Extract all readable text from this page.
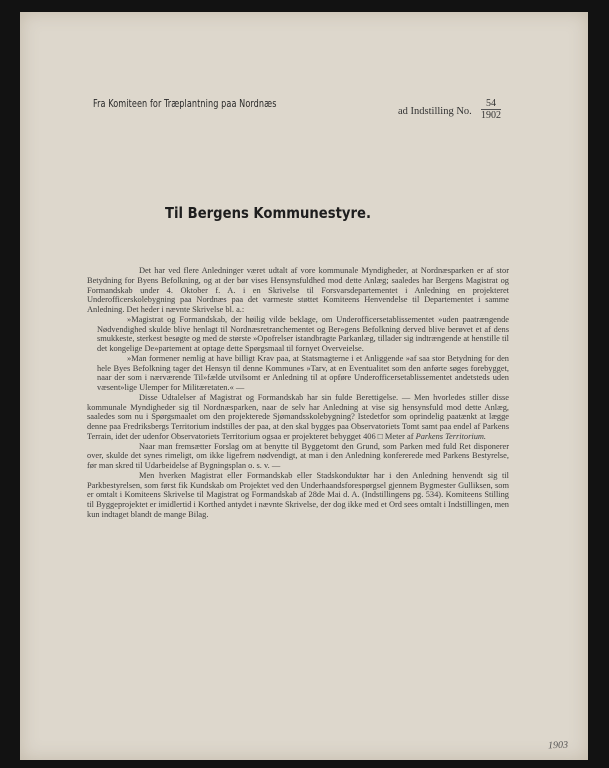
Fra Komiteen for Træplantning paa Nordnæs
ad Indstilling No.
54
1902
Til Bergens Kommunestyre.

Det har ved flere Anledninger været udtalt af vore kommunale Myndigheder, at Nordnæsparken er af stor Betydning for Byens Befolkning, og at der bør vises Hensynsfuldhed mod dette Anlæg; saaledes har Bergens Magistrat og Formandskab under 4. Oktober f. A. i en Skrivelse til Forsvarsdepartementet i Anledning en projekteret Underofficerskolebygning paa Nordnæs paa det varmeste støttet Komiteens Henvendelse til Departementet i samme Anledning. Det heder i nævnte Skrivelse bl. a.:

»Magistrat og Formandskab, der høilig vilde beklage, om Underofficersetablissementet »uden paatrængende Nødvendighed skulde blive henlagt til Nordnæsretranchementet og Ber»gens Befolkning derved blive berøvet et af dens smukkeste, sterkest besøgte og med de største »Opofrelser istandbragte Parkanlæg, tillader sig indtrængende at henstille til det kongelige De»partement at optage dette Spørgsmaal til fornyet Overveielse.

»Man formener nemlig at have billigt Krav paa, at Statsmagterne i et Anliggende »af saa stor Betydning for den hele Byes Befolkning tager det Hensyn til denne Kommunes »Tarv, at en Eventualitet som den anførte søges forebygget, naar der som i nærværende Til»fælde utvilsomt er Anledning til at opføre Underofficersetablissementet andetsteds uden væsent»lige Ulemper for Militæretaten.« —

Disse Udtalelser af Magistrat og Formandskab har sin fulde Berettigelse. — Men hvorledes stiller disse kommunale Myndigheder sig til Nordnæsparken, naar de selv har Anledning at vise sig hensynsfuld mod dette Anlæg, saaledes som nu i Spørgsmaalet om den projekterede Sjømandsskolebygning? Istedetfor som oprindelig paatænkt at lægge denne paa Fredriksbergs Territorium indstilles der paa, at den skal bygges paa Observatoriets Tomt samt paa endel af Parkens Terrain, idet der udenfor Observatoriets Territorium ogsaa er projekteret bebygget 406 □ Meter af Parkens Territorium.

Naar man fremsætter Forslag om at benytte til Byggetomt den Grund, som Parken med fuld Ret disponerer over, skulde det synes rimeligt, om ikke ligefrem nødvendigt, at man i den Anledning konfererede med Parkens Bestyrelse, før man skred til Udarbeidelse af Bygningsplan o. s. v. —

Men hverken Magistrat eller Formandskab eller Stadskonduktør har i den Anledning henvendt sig til Parkbestyrelsen, som først fik Kundskab om Projektet ved den Underhaandsforespørgsel gjennem Bygmester Gulliksen, som er omtalt i Komiteens Skrivelse til Magistrat og Formandskab af 28de Mai d. A. (Indstillingens pg. 534). Komiteens Stilling til Byggeprojektet er imidlertid i Korthed antydet i nævnte Skrivelse, der dog ikke med et Ord sees omtalt i Indstillingen, men kun indtaget blandt de mange Bilag.

1903
